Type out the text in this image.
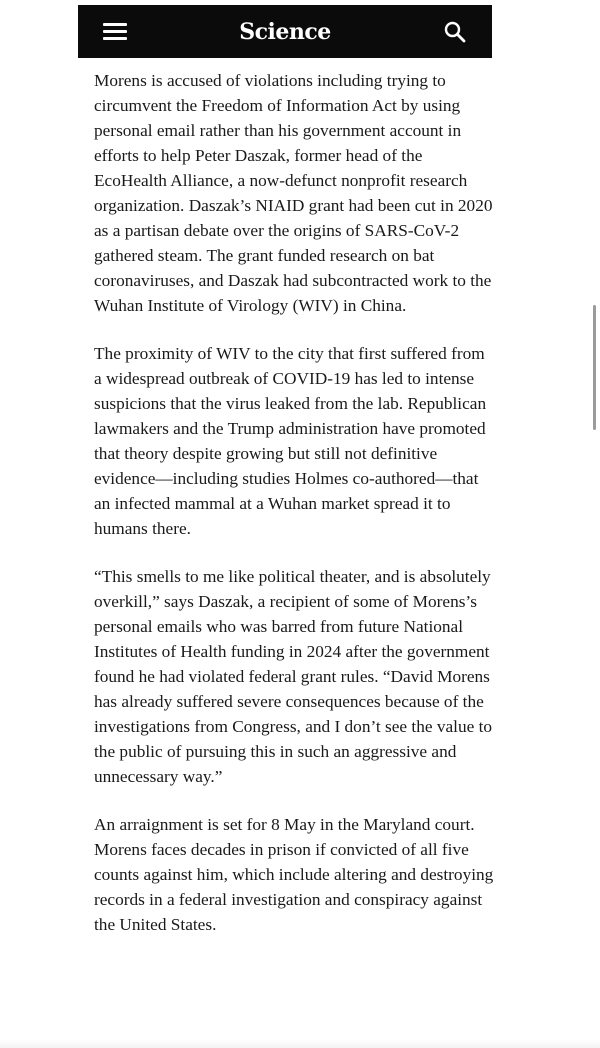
Science

Morens is accused of violations including trying to circumvent the Freedom of Information Act by using personal email rather than his government account in efforts to help Peter Daszak, former head of the EcoHealth Alliance, a now-defunct nonprofit research organization. Daszak’s NIAID grant had been cut in 2020 as a partisan debate over the origins of SARS-CoV-2 gathered steam. The grant funded research on bat coronaviruses, and Daszak had subcontracted work to the Wuhan Institute of Virology (WIV) in China.

The proximity of WIV to the city that first suffered from a widespread outbreak of COVID-19 has led to intense suspicions that the virus leaked from the lab. Republican lawmakers and the Trump administration have promoted that theory despite growing but still not definitive evidence—including studies Holmes co-authored—that an infected mammal at a Wuhan market spread it to humans there.

“This smells to me like political theater, and is absolutely overkill,” says Daszak, a recipient of some of Morens’s personal emails who was barred from future National Institutes of Health funding in 2024 after the government found he had violated federal grant rules. “David Morens has already suffered severe consequences because of the investigations from Congress, and I don’t see the value to the public of pursuing this in such an aggressive and unnecessary way.”

An arraignment is set for 8 May in the Maryland court. Morens faces decades in prison if convicted of all five counts against him, which include altering and destroying records in a federal investigation and conspiracy against the United States.
